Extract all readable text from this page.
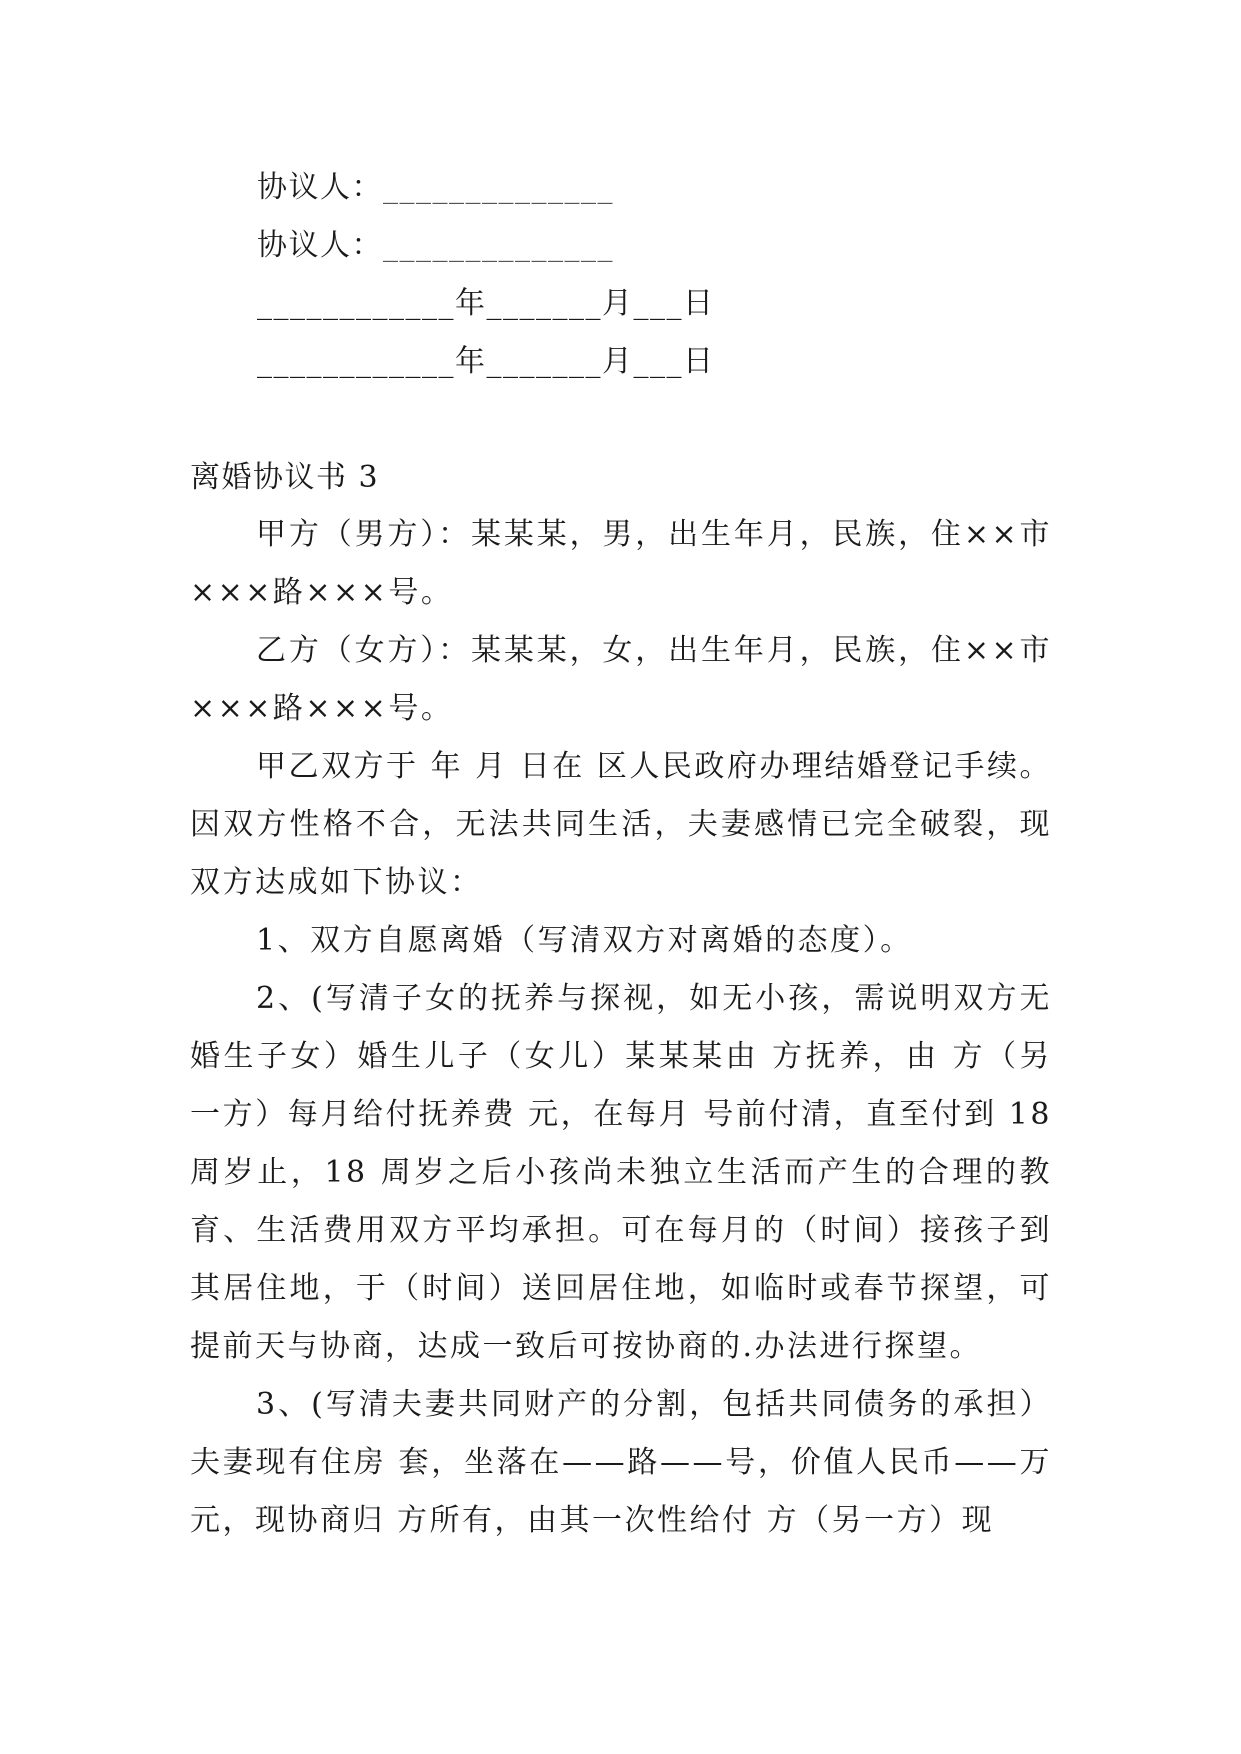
协议人：______________
协议人：______________
____________年_______月___日
____________年_______月___日
离婚协议书 3

甲方（男方）：某某某，男，出生年月，民族，住××市×××路×××号。

乙方（女方）：某某某，女，出生年月，民族，住××市×××路×××号。

甲乙双方于 年 月 日在 区人民政府办理结婚登记手续。因双方性格不合，无法共同生活，夫妻感情已完全破裂，现双方达成如下协议：

1、双方自愿离婚（写清双方对离婚的态度）。

2、(写清子女的抚养与探视，如无小孩，需说明双方无婚生子女）婚生儿子（女儿）某某某由 方抚养，由 方（另一方）每月给付抚养费 元，在每月 号前付清，直至付到 18 周岁止，18 周岁之后小孩尚未独立生活而产生的合理的教育、生活费用双方平均承担。可在每月的（时间）接孩子到其居住地，于（时间）送回居住地，如临时或春节探望，可提前天与协商，达成一致后可按协商的.办法进行探望。

3、(写清夫妻共同财产的分割，包括共同债务的承担）夫妻现有住房 套，坐落在——路——号，价值人民币——万元，现协商归 方所有，由其一次性给付 方（另一方）现
